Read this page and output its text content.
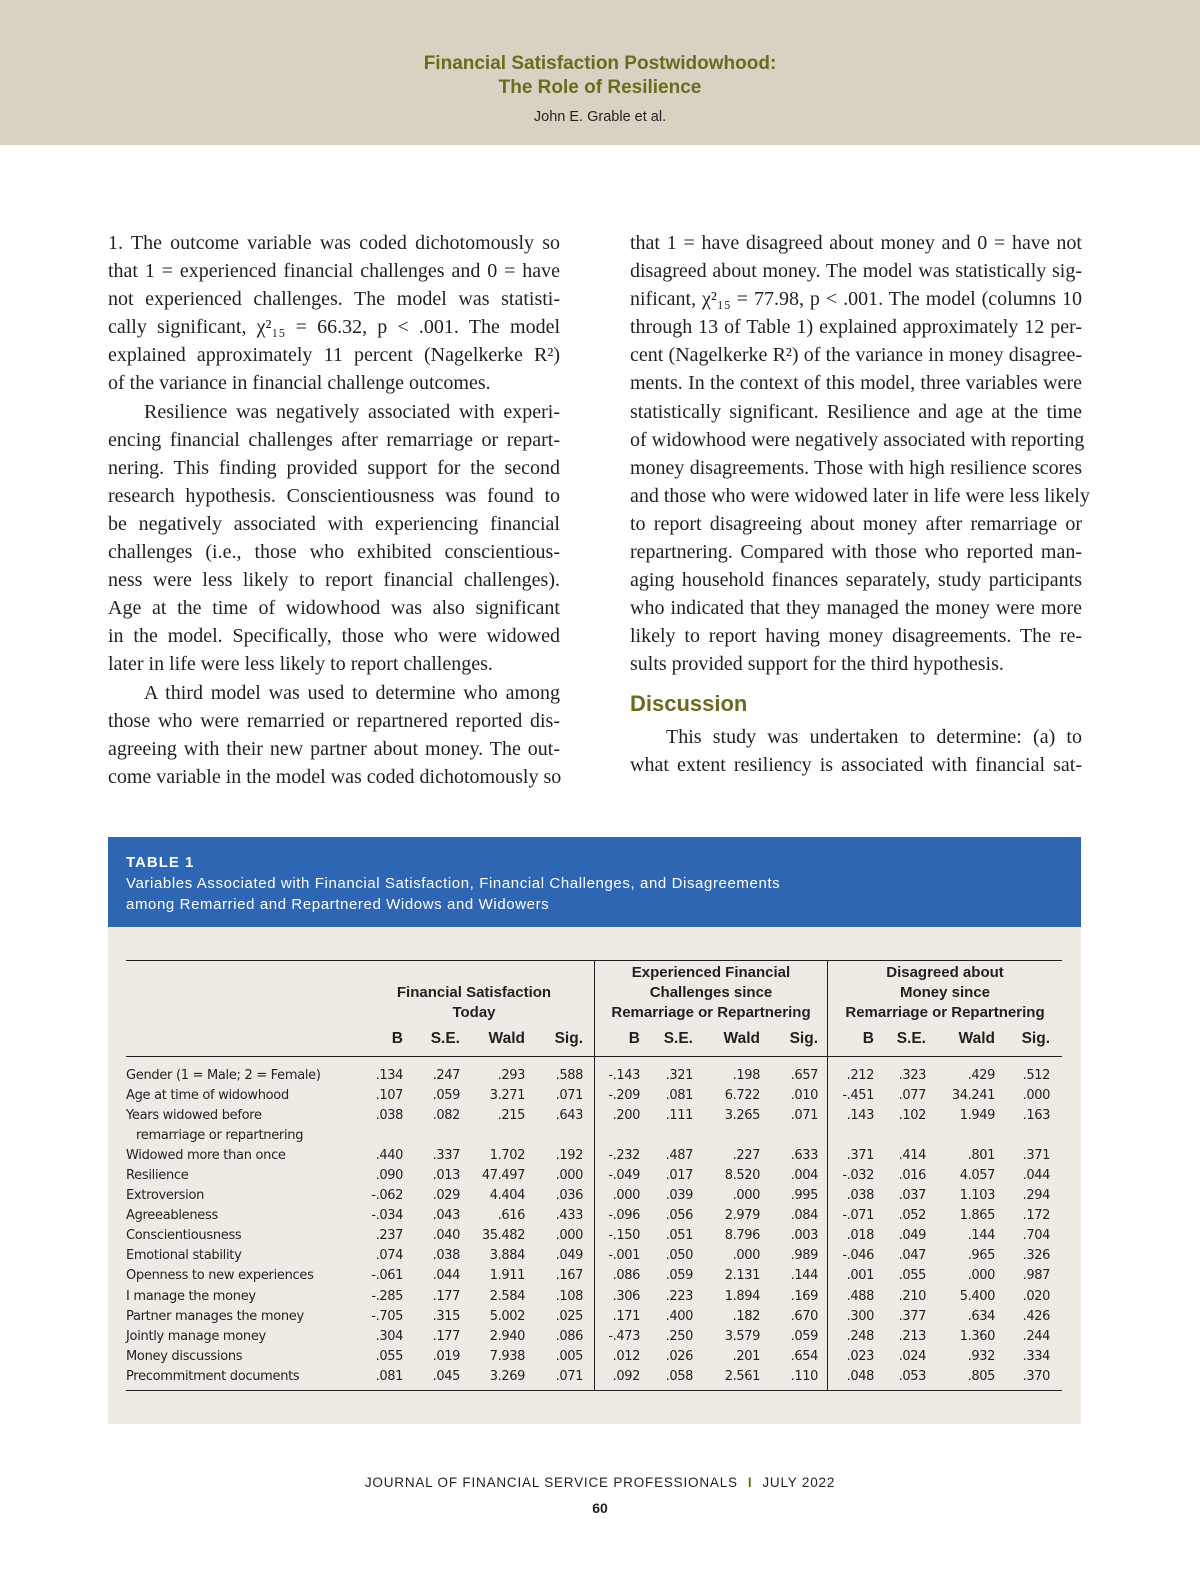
Financial Satisfaction Postwidowhood:
The Role of Resilience
John E. Grable et al.
1. The outcome variable was coded dichotomously so
that 1 = experienced financial challenges and 0 = have
not experienced challenges. The model was statisti-
cally significant, χ²₁₅ = 66.32, p < .001. The model
explained approximately 11 percent (Nagelkerke R²)
of the variance in financial challenge outcomes.
Resilience was negatively associated with experi-
encing financial challenges after remarriage or repart-
nering. This finding provided support for the second
research hypothesis. Conscientiousness was found to
be negatively associated with experiencing financial
challenges (i.e., those who exhibited conscientious-
ness were less likely to report financial challenges).
Age at the time of widowhood was also significant
in the model. Specifically, those who were widowed
later in life were less likely to report challenges.
A third model was used to determine who among
those who were remarried or repartnered reported dis-
agreeing with their new partner about money. The out-
come variable in the model was coded dichotomously so
that 1 = have disagreed about money and 0 = have not
disagreed about money. The model was statistically sig-
nificant, χ²₁₅ = 77.98, p < .001. The model (columns 10
through 13 of Table 1) explained approximately 12 per-
cent (Nagelkerke R²) of the variance in money disagree-
ments. In the context of this model, three variables were
statistically significant. Resilience and age at the time
of widowhood were negatively associated with reporting
money disagreements. Those with high resilience scores
and those who were widowed later in life were less likely
to report disagreeing about money after remarriage or
repartnering. Compared with those who reported man-
aging household finances separately, study participants
who indicated that they managed the money were more
likely to report having money disagreements. The re-
sults provided support for the third hypothesis.
Discussion
This study was undertaken to determine: (a) to
what extent resiliency is associated with financial sat-
TABLE 1
Variables Associated with Financial Satisfaction, Financial Challenges, and Disagreements
among Remarried and Repartnered Widows and Widowers
Financial Satisfaction
Today
Experienced Financial
Challenges since
Remarriage or Repartnering
Disagreed about
Money since
Remarriage or Repartnering
B	S.E.	Wald	Sig.	B	S.E.	Wald	Sig.	B	S.E.	Wald	Sig.
Gender (1 = Male; 2 = Female)	.134	.247	.293	.588	-.143	.321	.198	.657	.212	.323	.429	.512
Age at time of widowhood	.107	.059	3.271	.071	-.209	.081	6.722	.010	-.451	.077	34.241	.000
Years widowed before	.038	.082	.215	.643	.200	.111	3.265	.071	.143	.102	1.949	.163
remarriage or repartnering
Widowed more than once	.440	.337	1.702	.192	-.232	.487	.227	.633	.371	.414	.801	.371
Resilience	.090	.013	47.497	.000	-.049	.017	8.520	.004	-.032	.016	4.057	.044
Extroversion	-.062	.029	4.404	.036	.000	.039	.000	.995	.038	.037	1.103	.294
Agreeableness	-.034	.043	.616	.433	-.096	.056	2.979	.084	-.071	.052	1.865	.172
Conscientiousness	.237	.040	35.482	.000	-.150	.051	8.796	.003	.018	.049	.144	.704
Emotional stability	.074	.038	3.884	.049	-.001	.050	.000	.989	-.046	.047	.965	.326
Openness to new experiences	-.061	.044	1.911	.167	.086	.059	2.131	.144	.001	.055	.000	.987
I manage the money	-.285	.177	2.584	.108	.306	.223	1.894	.169	.488	.210	5.400	.020
Partner manages the money	-.705	.315	5.002	.025	.171	.400	.182	.670	.300	.377	.634	.426
Jointly manage money	.304	.177	2.940	.086	-.473	.250	3.579	.059	.248	.213	1.360	.244
Money discussions	.055	.019	7.938	.005	.012	.026	.201	.654	.023	.024	.932	.334
Precommitment documents	.081	.045	3.269	.071	.092	.058	2.561	.110	.048	.053	.805	.370
JOURNAL OF FINANCIAL SERVICE PROFESSIONALS I JULY 2022
60
